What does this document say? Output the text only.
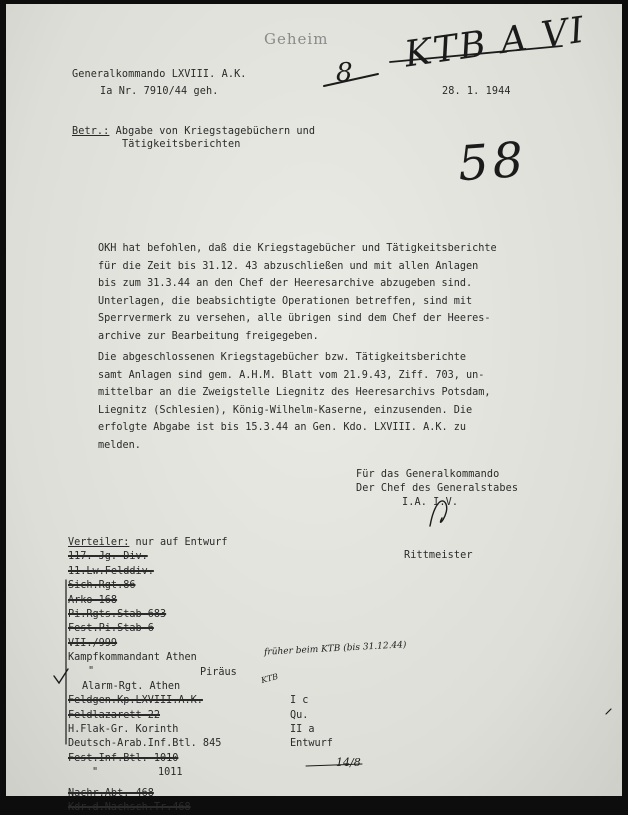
Geheim
Generalkommando LXVIII. A.K.
Ia Nr. 7910/44 geh.	28. 1. 1944
8 KTB A VI
58
Betr.: Abgabe von Kriegstagebüchern und
Tätigkeitsberichten
OKH hat befohlen, daß die Kriegstagebücher und Tätigkeitsberichte
für die Zeit bis 31.12. 43 abzuschließen und mit allen Anlagen
bis zum 31.3.44 an den Chef der Heeresarchive abzugeben sind.
Unterlagen, die beabsichtigte Operationen betreffen, sind mit
Sperrvermerk zu versehen, alle übrigen sind dem Chef der Heeres-
archive zur Bearbeitung freigegeben.
Die abgeschlossenen Kriegstagebücher bzw. Tätigkeitsberichte
samt Anlagen sind gem. A.H.M. Blatt vom 21.9.43, Ziff. 703, un-
mittelbar an die Zweigstelle Liegnitz des Heeresarchivs Potsdam,
Liegnitz (Schlesien), König-Wilhelm-Kaserne, einzusenden. Die
erfolgte Abgabe ist bis 15.3.44 an Gen. Kdo. LXVIII. A.K. zu
melden.
Für das Generalkommando
Der Chef des Generalstabes
I.A. I.V.
Rittmeister
Verteiler: nur auf Entwurf
117. Jg. Div.
11.Lw.Felddiv.
Sich.Rgt.86
Arko 168
Pi.Rgts.Stab 683
Fest.Pi.Stab 6
VII./999
Kampfkommandant Athen
Piräus
Alarm-Rgt. Athen
Feldgen.Kp.LXVIII.A.K.	I c
Feldlazarett 22	Qu.
H.Flak-Gr. Korinth	II a
Deutsch-Arab.Inf.Btl. 845	Entwurf
Fest.Inf.Btl. 1010
"	1011
Nachr.Abt. 468
Kdr.d.Nachsch.Tr.468
"
früher beim KTB (bis 31.12.44)
KTB
14/8
